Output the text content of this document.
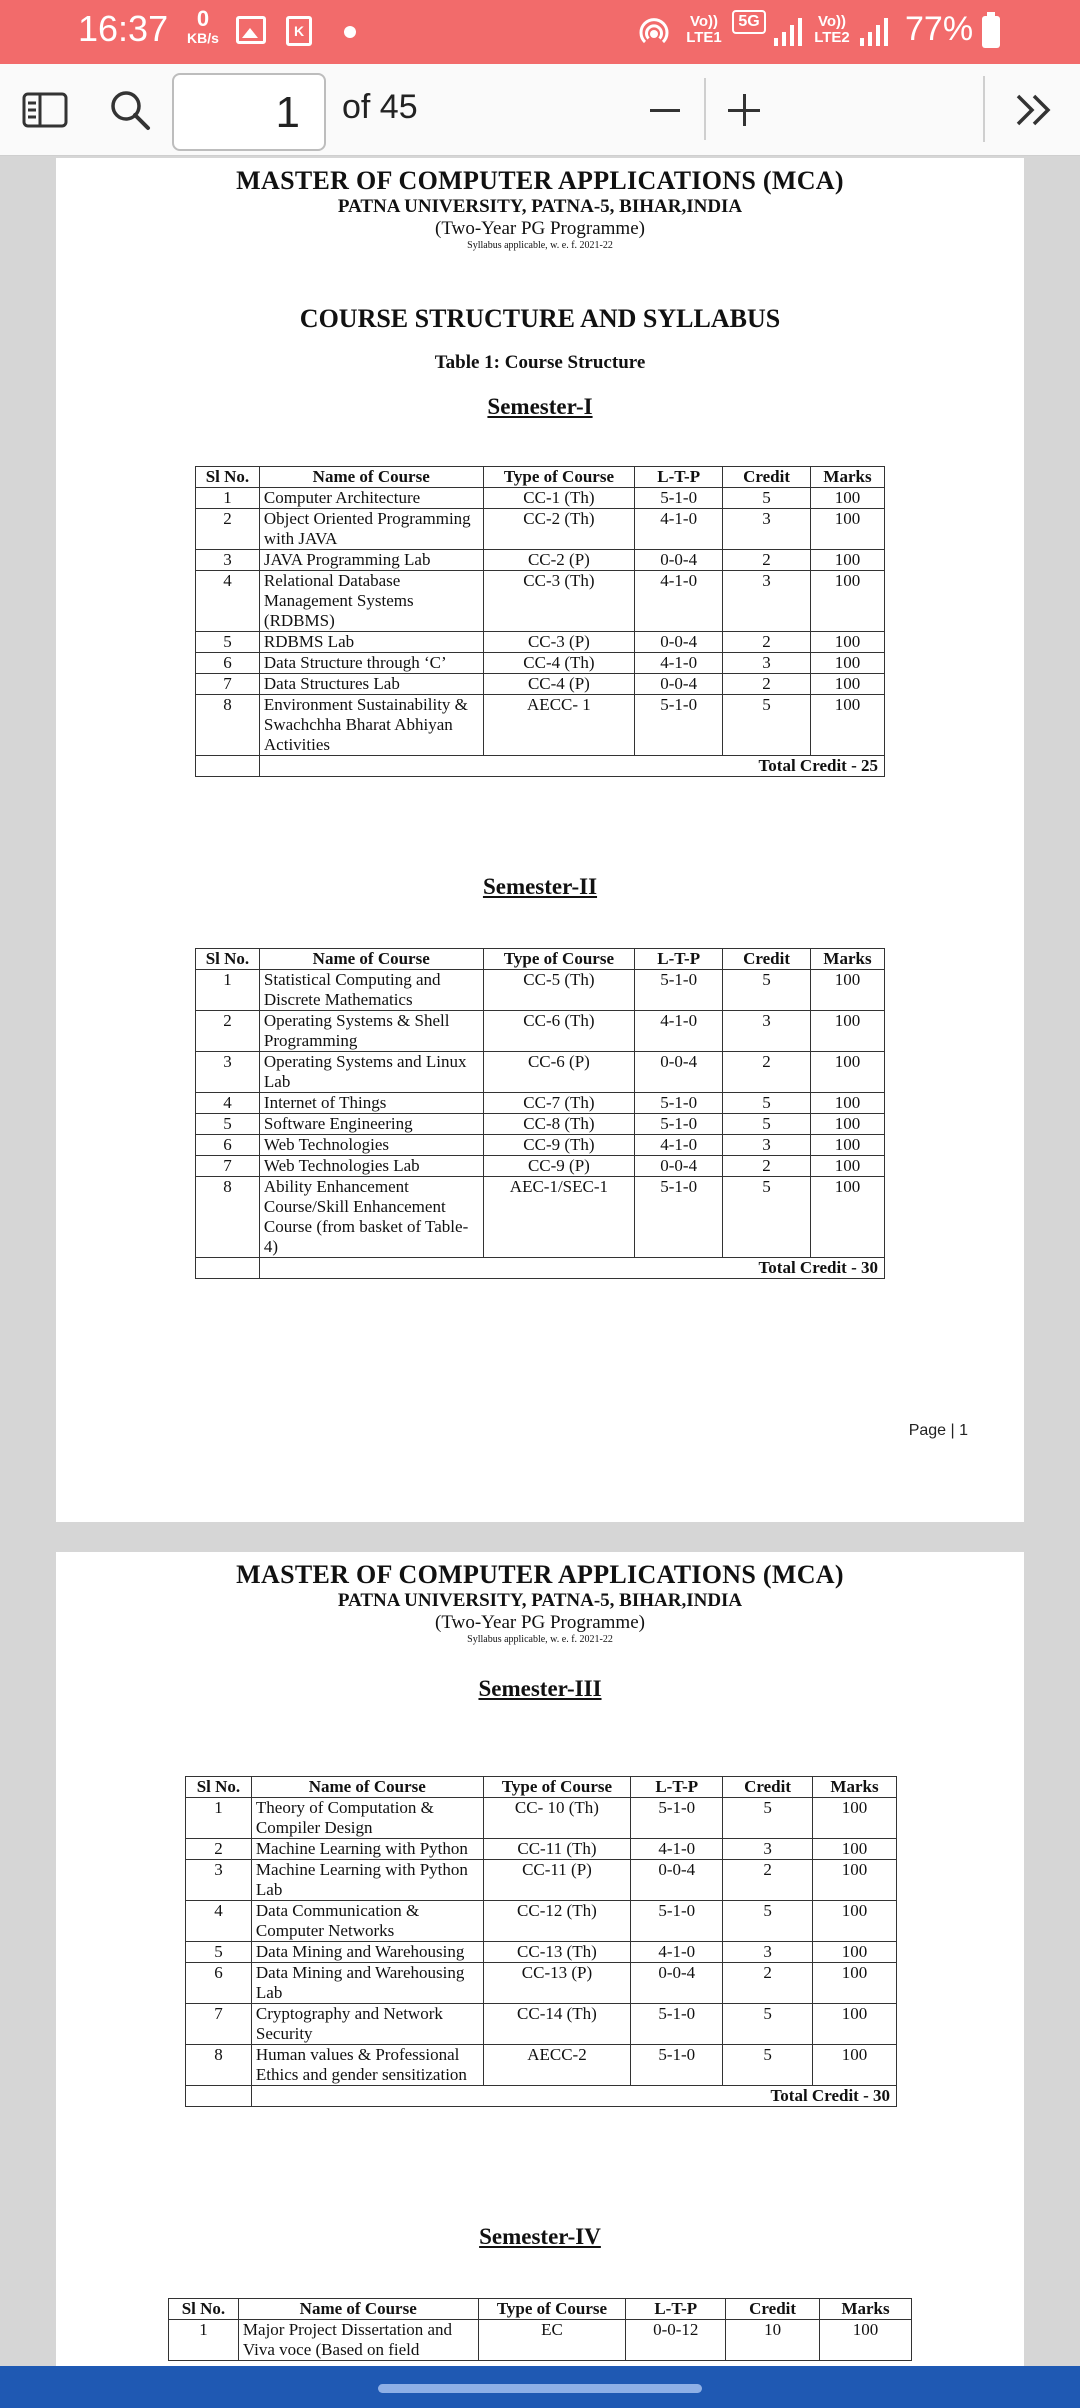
16:37	0
KB/s	K
Vo))
LTE1
5G	Vo))
LTE2 77%
1	of 45
MASTER OF COMPUTER APPLICATIONS (MCA)
PATNA UNIVERSITY, PATNA-5, BIHAR,INDIA
(Two-Year PG Programme)
Syllabus applicable, w. e. f. 2021-22
COURSE STRUCTURE AND SYLLABUS
Table 1: Course Structure
Semester-I
Sl No.	Name of Course	Type of Course	L-T-P	Credit	Marks
1	Computer Architecture	CC-1 (Th)	5-1-0	5	100
2	Object Oriented Programming with JAVA	CC-2 (Th)	4-1-0	3	100
3	JAVA Programming Lab	CC-2 (P)	0-0-4	2	100
4	Relational Database Management Systems (RDBMS)	CC-3 (Th)	4-1-0	3	100
5	RDBMS Lab	CC-3 (P)	0-0-4	2	100
6	Data Structure through ‘C’	CC-4 (Th)	4-1-0	3	100
7	Data Structures Lab	CC-4 (P)	0-0-4	2	100
8	Environment Sustainability & Swachchha Bharat Abhiyan Activities	AECC- 1	5-1-0	5	100
	Total Credit - 25				
Semester-II
Sl No.	Name of Course	Type of Course	L-T-P	Credit	Marks
1	Statistical Computing and Discrete Mathematics	CC-5 (Th)	5-1-0	5	100
2	Operating Systems & Shell Programming	CC-6 (Th)	4-1-0	3	100
3	Operating Systems and Linux Lab	CC-6 (P)	0-0-4	2	100
4	Internet of Things	CC-7 (Th)	5-1-0	5	100
5	Software Engineering	CC-8 (Th)	5-1-0	5	100
6	Web Technologies	CC-9 (Th)	4-1-0	3	100
7	Web Technologies Lab	CC-9 (P)	0-0-4	2	100
8	Ability Enhancement Course/Skill Enhancement Course (from basket of Table-4)	AEC-1/SEC-1	5-1-0	5	100
	Total Credit - 30				
Page | 1
MASTER OF COMPUTER APPLICATIONS (MCA)
PATNA UNIVERSITY, PATNA-5, BIHAR,INDIA
(Two-Year PG Programme)
Syllabus applicable, w. e. f. 2021-22
Semester-III
Sl No.	Name of Course	Type of Course	L-T-P	Credit	Marks
1	Theory of Computation & Compiler Design	CC- 10 (Th)	5-1-0	5	100
2	Machine Learning with Python	CC-11 (Th)	4-1-0	3	100
3	Machine Learning with Python Lab	CC-11 (P)	0-0-4	2	100
4	Data Communication & Computer Networks	CC-12 (Th)	5-1-0	5	100
5	Data Mining and Warehousing	CC-13 (Th)	4-1-0	3	100
6	Data Mining and Warehousing Lab	CC-13 (P)	0-0-4	2	100
7	Cryptography and Network Security	CC-14 (Th)	5-1-0	5	100
8	Human values & Professional Ethics and gender sensitization	AECC-2	5-1-0	5	100
	Total Credit - 30				
Semester-IV
Sl No.	Name of Course	Type of Course	L-T-P	Credit	Marks
1	Major Project Dissertation and Viva voce (Based on field	EC	0-0-12	10	100
